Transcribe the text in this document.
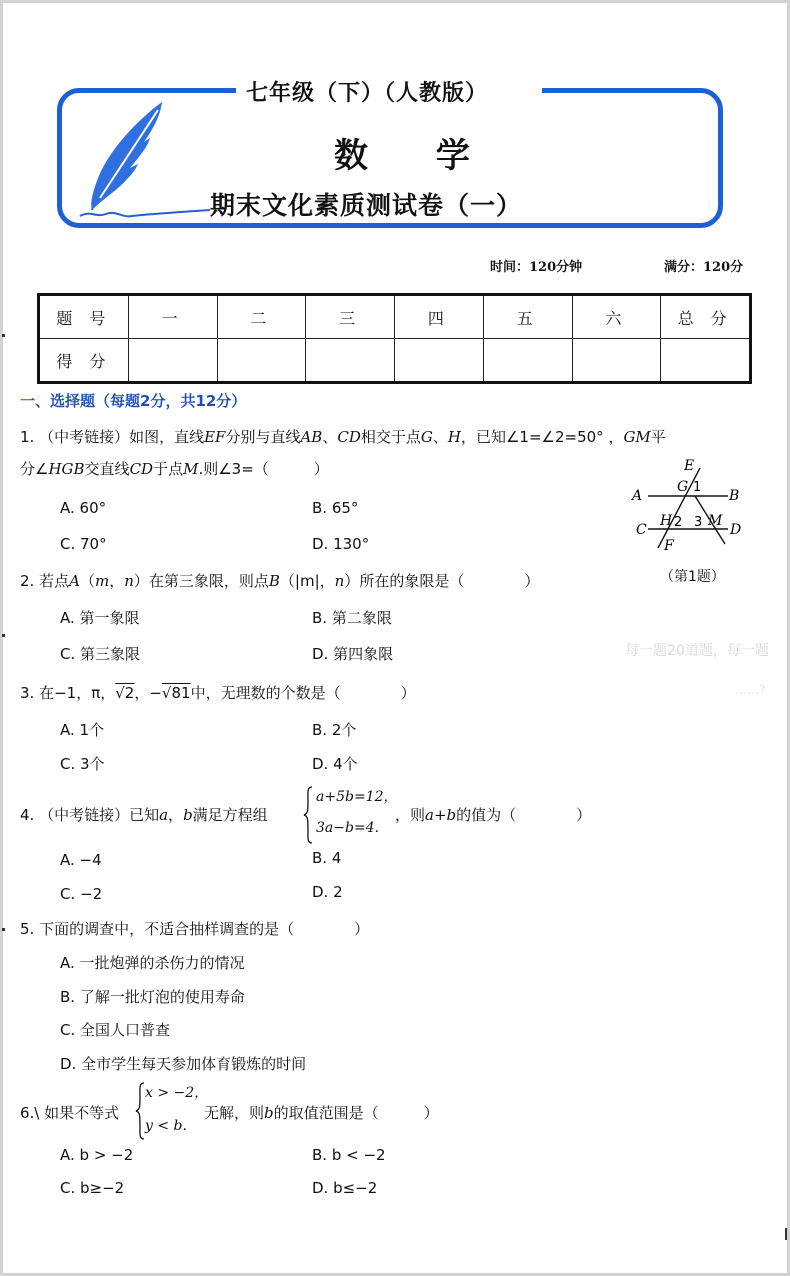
七年级（下）（人教版）
数 学
期末文化素质测试卷（一）
时间：120分钟	满分：120分
题 号	一	二	三	四	五	六	总 分
得 分							
一、选择题（每题2分，共12分）
1. （中考链接）如图，直线EF分别与直线AB、CD相交于点G、H，已知∠1=∠2=50° ，GM平
分∠HGB交直线CD于点M.则∠3=（　　　）
A. 60°	B. 65°
C. 70°	D. 130°
E
G
A	B
C
H	M
D
F
1
2 3
（第1题）
2. 若点A（m，n）在第三象限，则点B（|m|，n）所在的象限是（　　　　）
A. 第一象限	B. 第二象限
C. 第三象限	D. 第四象限	每一题20道题，每一题
……?
3. 在−1，π，√2，−√81中，无理数的个数是（　　　　）
A. 1个	B. 2个
C. 3个	D. 4个
4. （中考链接）已知a，b满足方程组
a+5b=12，
3a−b=4.
，则a+b的值为（　　　　）
A. −4	B. 4
C. −2	D. 2
5. 下面的调查中，不适合抽样调查的是（　　　　）
A. 一批炮弹的杀伤力的情况
B. 了解一批灯泡的使用寿命
C. 全国人口普查
D. 全市学生每天参加体育锻炼的时间
6.\ 如果不等式
x > −2，
y < b.
无解，则b的取值范围是（　　　）
A. b > −2	B. b < −2
C. b≥−2	D. b≤−2
